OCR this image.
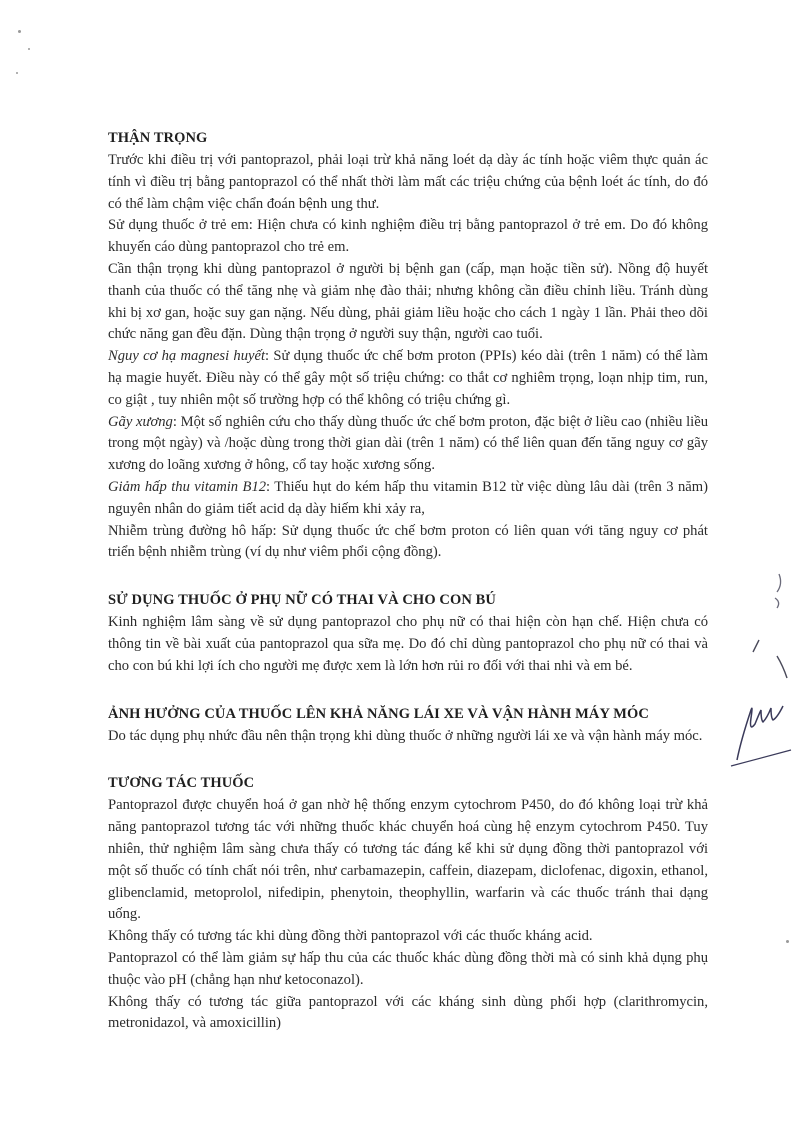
THẬN TRỌNG

Trước khi điều trị với pantoprazol, phải loại trừ khả năng loét dạ dày ác tính hoặc viêm thực quản ác tính vì điều trị bằng pantoprazol có thể nhất thời làm mất các triệu chứng của bệnh loét ác tính, do đó có thể làm chậm việc chẩn đoán bệnh ung thư.

Sử dụng thuốc ở trẻ em: Hiện chưa có kinh nghiệm điều trị bằng pantoprazol ở trẻ em. Do đó không khuyến cáo dùng pantoprazol cho trẻ em.

Cần thận trọng khi dùng pantoprazol ở người bị bệnh gan (cấp, mạn hoặc tiền sử). Nồng độ huyết thanh của thuốc có thể tăng nhẹ và giảm nhẹ đào thải; nhưng không cần điều chỉnh liều. Tránh dùng khi bị xơ gan, hoặc suy gan nặng. Nếu dùng, phải giảm liều hoặc cho cách 1 ngày 1 lần. Phải theo dõi chức năng gan đều đặn. Dùng thận trọng ở người suy thận, người cao tuổi.

Nguy cơ hạ magnesi huyết: Sử dụng thuốc ức chế bơm proton (PPIs) kéo dài (trên 1 năm) có thể làm hạ magie huyết. Điều này có thể gây một số triệu chứng: co thắt cơ nghiêm trọng, loạn nhịp tim, run, co giật , tuy nhiên một số trường hợp có thể không có triệu chứng gì.

Gãy xương: Một số nghiên cứu cho thấy dùng thuốc ức chế bơm proton, đặc biệt ở liều cao (nhiều liều trong một ngày) và /hoặc dùng trong thời gian dài (trên 1 năm) có thể liên quan đến tăng nguy cơ gãy xương do loãng xương ở hông, cổ tay hoặc xương sống.

Giảm hấp thu vitamin B12: Thiếu hụt do kém hấp thu vitamin B12 từ việc dùng lâu dài (trên 3 năm) nguyên nhân do giảm tiết acid dạ dày hiếm khi xảy ra,

Nhiễm trùng đường hô hấp: Sử dụng thuốc ức chế bơm proton có liên quan với tăng nguy cơ phát triển bệnh nhiễm trùng (ví dụ như viêm phổi cộng đồng).

SỬ DỤNG THUỐC Ở PHỤ NỮ CÓ THAI VÀ CHO CON BÚ

Kinh nghiệm lâm sàng về sử dụng pantoprazol cho phụ nữ có thai hiện còn hạn chế. Hiện chưa có thông tin về bài xuất của pantoprazol qua sữa mẹ. Do đó chỉ dùng pantoprazol cho phụ nữ có thai và cho con bú khi lợi ích cho người mẹ được xem là lớn hơn rủi ro đối với thai nhi và em bé.

ẢNH HƯỞNG CỦA THUỐC LÊN KHẢ NĂNG LÁI XE VÀ VẬN HÀNH MÁY MÓC

Do tác dụng phụ nhức đầu nên thận trọng khi dùng thuốc ở những người lái xe và vận hành máy móc.

TƯƠNG TÁC THUỐC

Pantoprazol được chuyển hoá ở gan nhờ hệ thống enzym cytochrom P450, do đó không loại trừ khả năng pantoprazol tương tác với những thuốc khác chuyển hoá cùng hệ enzym cytochrom P450. Tuy nhiên, thử nghiệm lâm sàng chưa thấy có tương tác đáng kể khi sử dụng đồng thời pantoprazol với một số thuốc có tính chất nói trên, như carbamazepin, caffein, diazepam, diclofenac, digoxin, ethanol, glibenclamid, metoprolol, nifedipin, phenytoin, theophyllin, warfarin và các thuốc tránh thai dạng uống.

Không thấy có tương tác khi dùng đồng thời pantoprazol với các thuốc kháng acid.

Pantoprazol có thể làm giảm sự hấp thu của các thuốc khác dùng đồng thời mà có sinh khả dụng phụ thuộc vào pH (chẳng hạn như ketoconazol).

Không thấy có tương tác giữa pantoprazol với các kháng sinh dùng phối hợp (clarithromycin, metronidazol, và amoxicillin)
